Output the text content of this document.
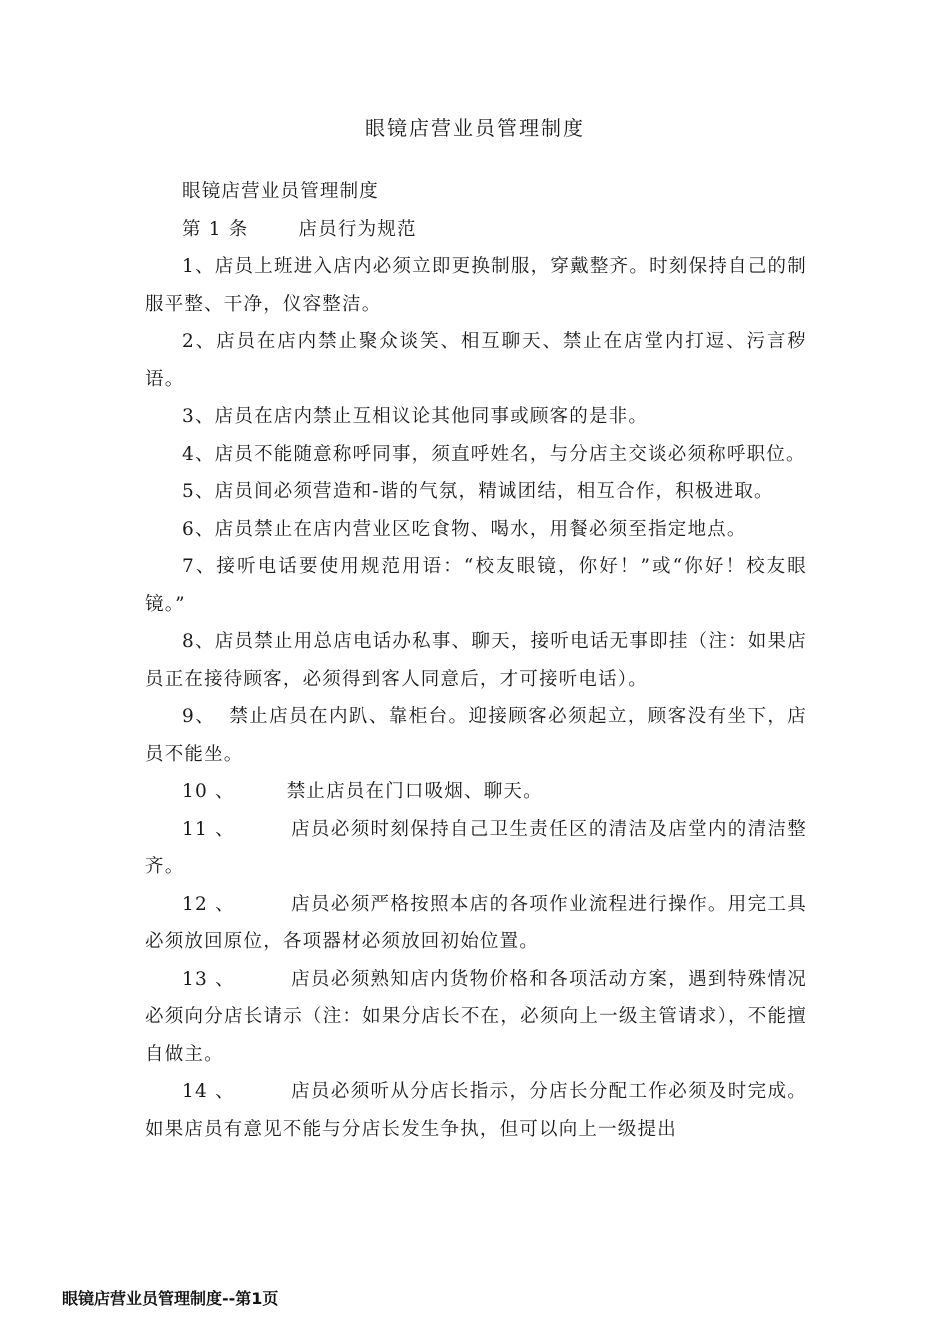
眼镜店营业员管理制度

眼镜店营业员管理制度

第 1 条	店员行为规范

1、店员上班进入店内必须立即更换制服，穿戴整齐。时刻保持自己的制服平整、干净，仪容整洁。

2、店员在店内禁止聚众谈笑、相互聊天、禁止在店堂内打逗、污言秽语。

3、店员在店内禁止互相议论其他同事或顾客的是非。

4、店员不能随意称呼同事，须直呼姓名，与分店主交谈必须称呼职位。

5、店员间必须营造和-谐的气氛，精诚团结，相互合作，积极进取。

6、店员禁止在店内营业区吃食物、喝水，用餐必须至指定地点。

7、接听电话要使用规范用语：“校友眼镜，你好！”或“你好！校友眼镜。”

8、店员禁止用总店电话办私事、聊天，接听电话无事即挂（注：如果店员正在接待顾客，必须得到客人同意后，才可接听电话）。

9、 禁止店员在内趴、靠柜台。迎接顾客必须起立，顾客没有坐下，店员不能坐。

10 、	禁止店员在门口吸烟、聊天。

11 、	店员必须时刻保持自己卫生责任区的清洁及店堂内的清洁整齐。

12 、	店员必须严格按照本店的各项作业流程进行操作。用完工具必须放回原位，各项器材必须放回初始位置。

13 、	店员必须熟知店内货物价格和各项活动方案，遇到特殊情况必须向分店长请示（注：如果分店长不在，必须向上一级主管请求），不能擅自做主。

14 、	店员必须听从分店长指示，分店长分配工作必须及时完成。如果店员有意见不能与分店长发生争执，但可以向上一级提出

眼镜店营业员管理制度--第1页
